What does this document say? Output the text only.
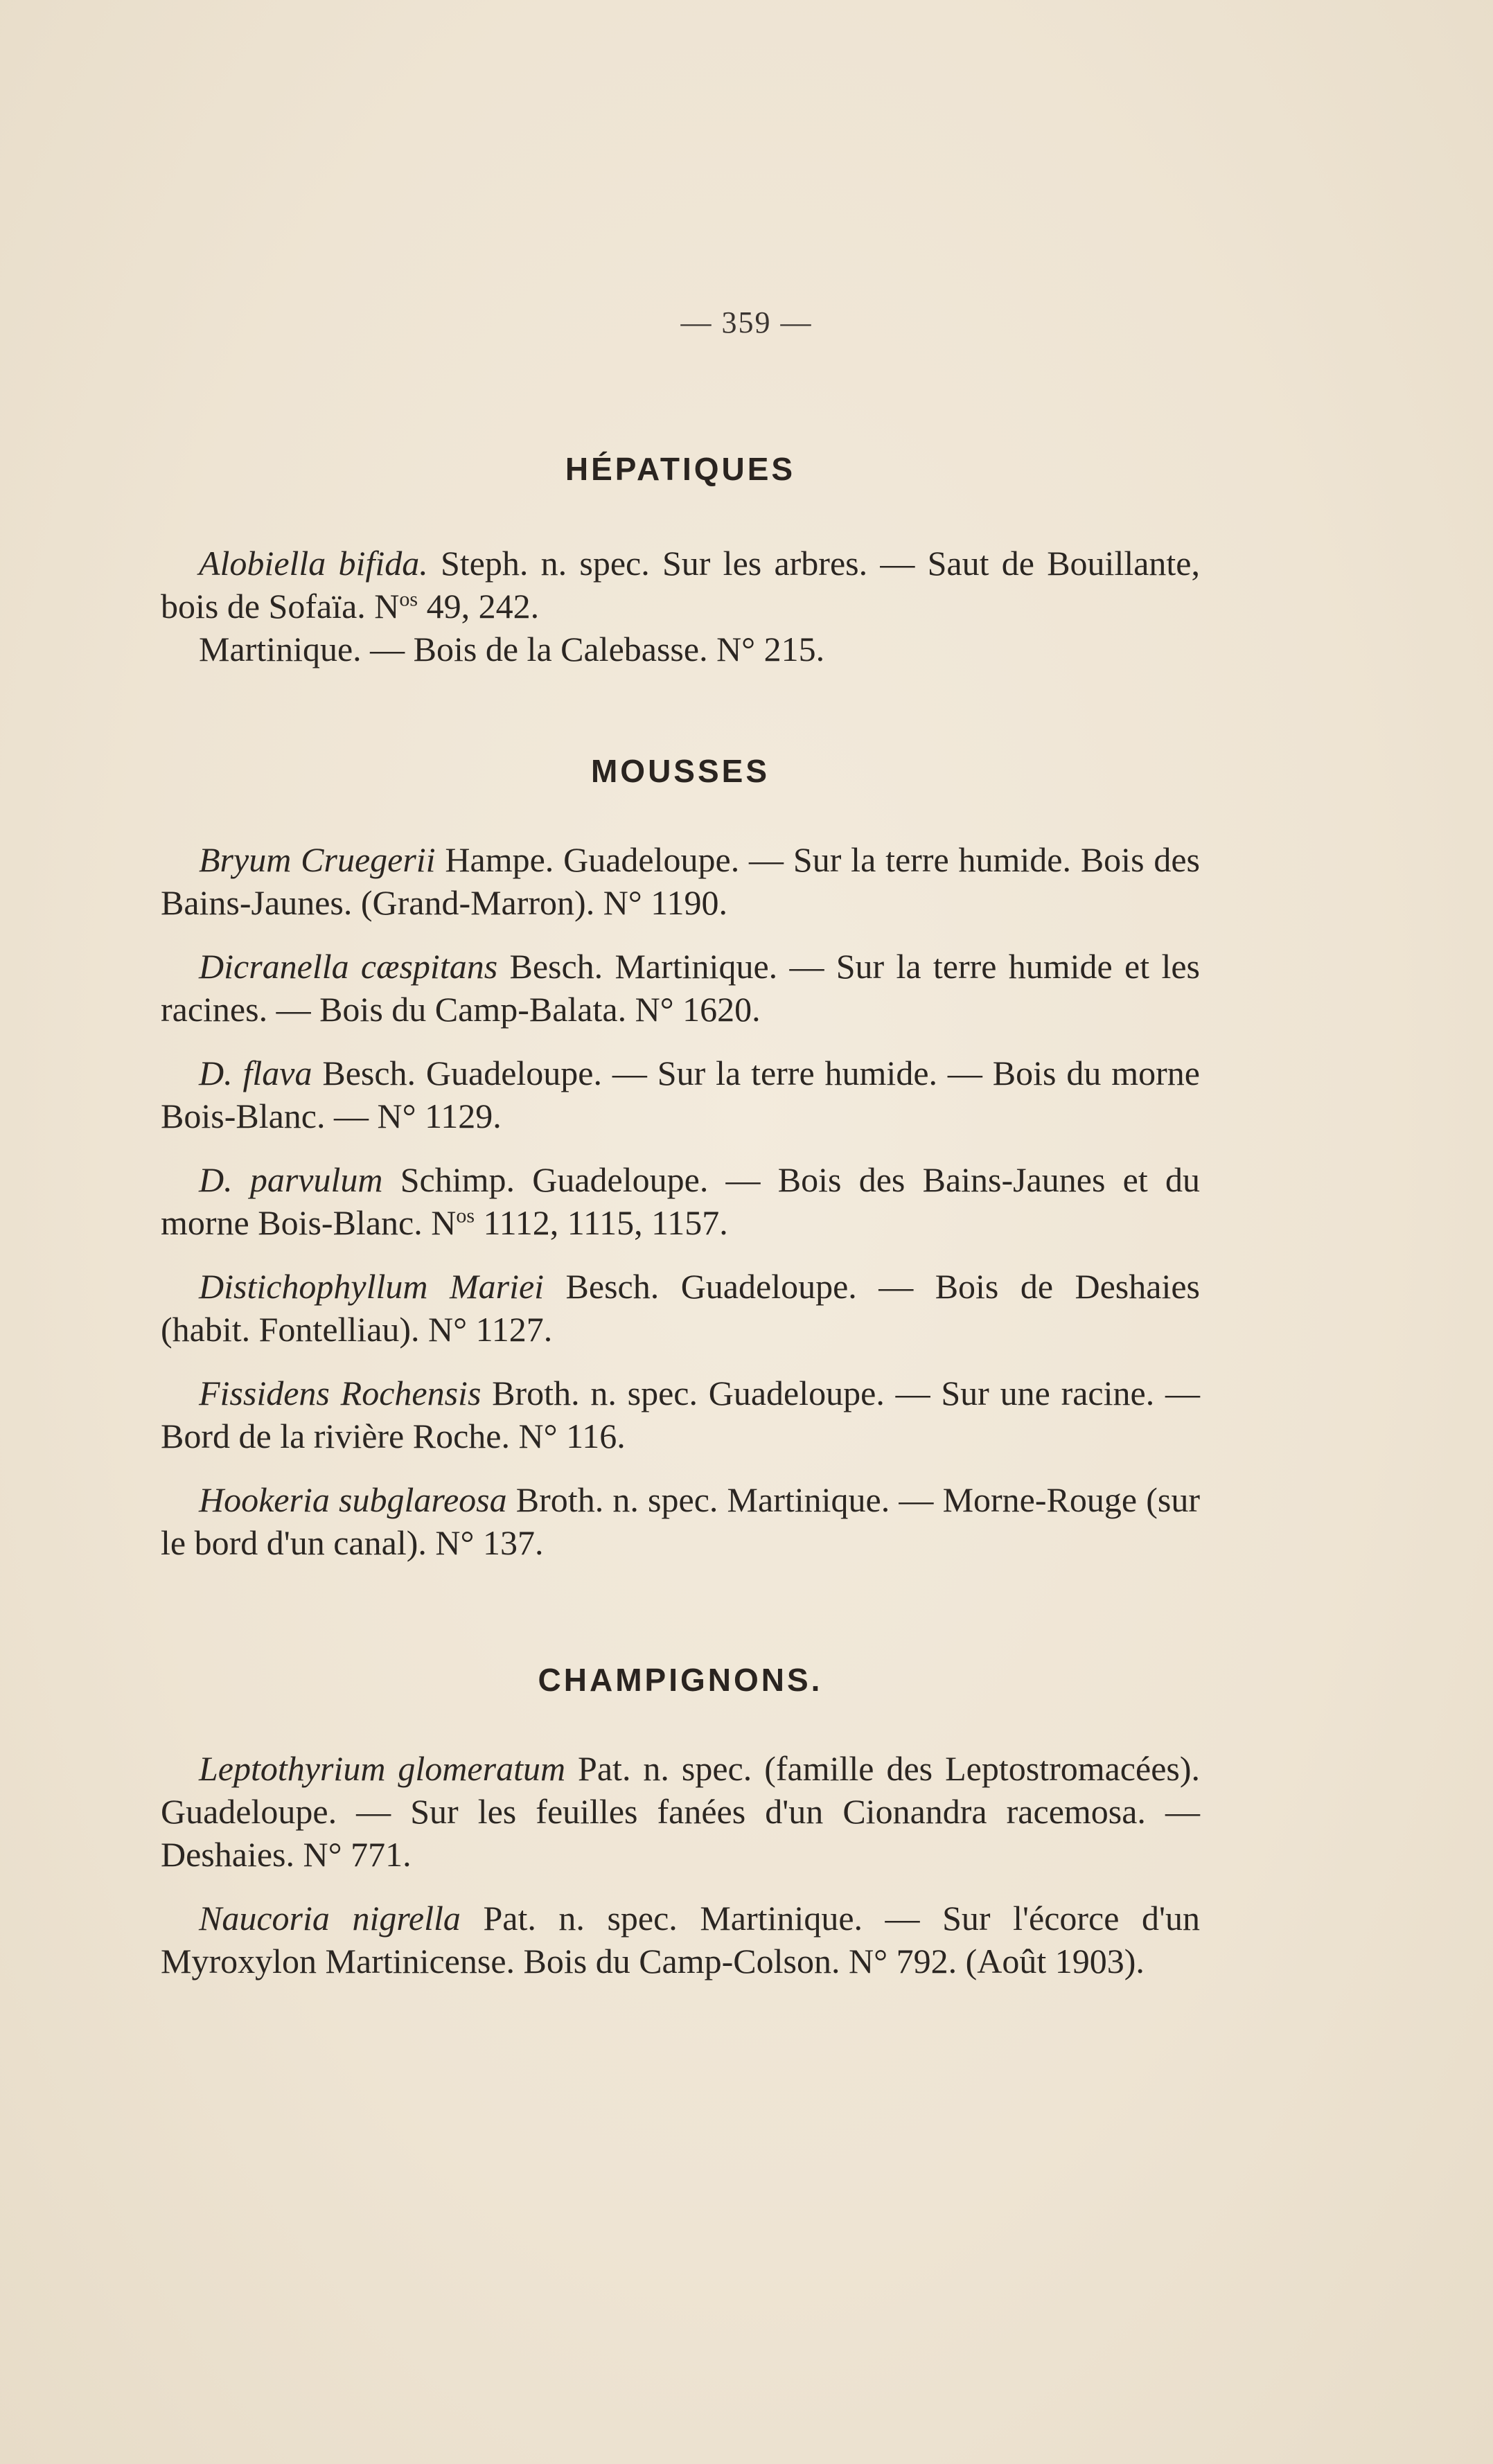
— 359 —
HÉPATIQUES

Alobiella bifida. Steph. n. spec. Sur les arbres. — Saut de Bouillante, bois de Sofaïa. $N^{os}$ 49, 242.

Martinique. — Bois de la Calebasse. N° 215.

MOUSSES

Bryum Cruegerii Hampe. Guadeloupe. — Sur la terre humide. Bois des Bains-Jaunes. (Grand-Marron). N° 1190.

Dicranella cæspitans Besch. Martinique. — Sur la terre humide et les racines. — Bois du Camp-Balata. N° 1620.

D. flava Besch. Guadeloupe. — Sur la terre humide. — Bois du morne Bois-Blanc. — N° 1129.

D. parvulum Schimp. Guadeloupe. — Bois des Bains-Jaunes et du morne Bois-Blanc. $N^{os}$ 1112, 1115, 1157.

Distichophyllum Mariei Besch. Guadeloupe. — Bois de Deshaies (habit. Fontelliau). N° 1127.

Fissidens Rochensis Broth. n. spec. Guadeloupe. — Sur une racine. — Bord de la rivière Roche. N° 116.

Hookeria subglareosa Broth. n. spec. Martinique. — Morne-Rouge (sur le bord d'un canal). N° 137.

CHAMPIGNONS.

Leptothyrium glomeratum Pat. n. spec. (famille des Leptostromacées). Guadeloupe. — Sur les feuilles fanées d'un Cionandra racemosa. — Deshaies. N° 771.

Naucoria nigrella Pat. n. spec. Martinique. — Sur l'écorce d'un Myroxylon Martinicense. Bois du Camp-Colson. N° 792. (Août 1903).
